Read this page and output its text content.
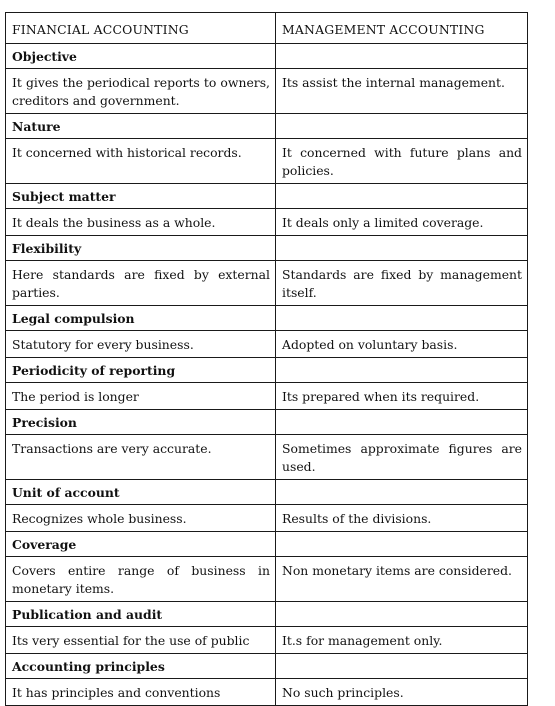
FINANCIAL ACCOUNTING	MANAGEMENT ACCOUNTING
Objective	
It gives the periodical reports to owners, creditors and government.	Its assist the internal management.
Nature	
It concerned with historical records.	It concerned with future plans and policies.
Subject matter	
It deals the business as a whole.	It deals only a limited coverage.
Flexibility	
Here standards are fixed by external parties.	Standards are fixed by management itself.
Legal compulsion	
Statutory for every business.	Adopted on voluntary basis.
Periodicity of reporting	
The period is longer	Its prepared when its required.
Precision	
Transactions are very accurate.	Sometimes approximate figures are used.
Unit of account	
Recognizes whole business.	Results of the divisions.
Coverage	
Covers entire range of business in monetary items.	Non monetary items are considered.
Publication and audit	
Its very essential for the use of public	It.s for management only.
Accounting principles	
It has principles and conventions	No such principles.
